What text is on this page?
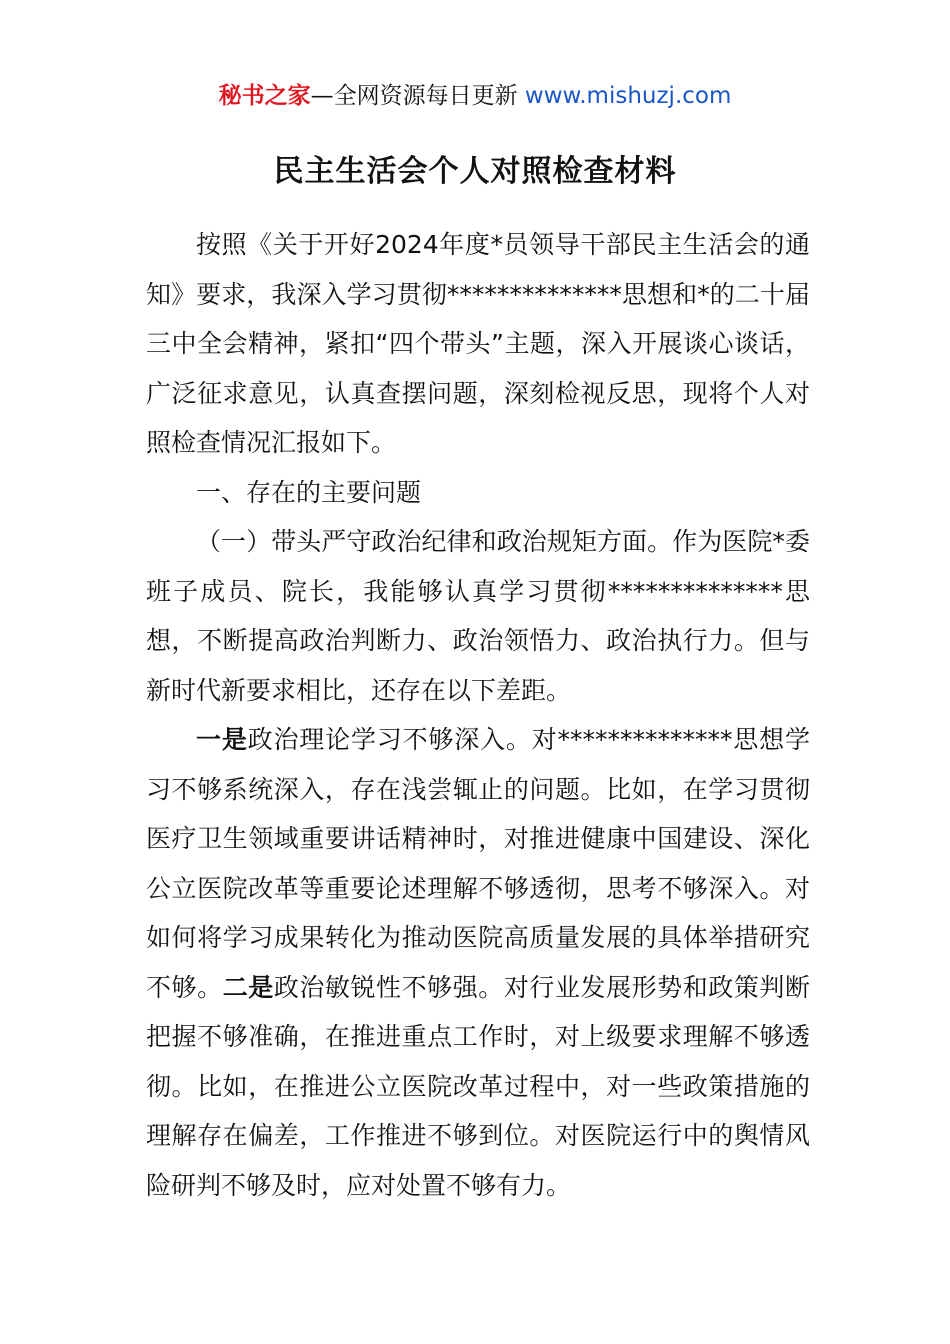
秘书之家—全网资源每日更新 www.mishuzj.com
民主生活会个人对照检查材料

按照《关于开好2024年度*员领导干部民主生活会的通知》要求，我深入学习贯彻**************思想和*的二十届三中全会精神，紧扣“四个带头”主题，深入开展谈心谈话，广泛征求意见，认真查摆问题，深刻检视反思，现将个人对照检查情况汇报如下。

一、存在的主要问题

（一）带头严守政治纪律和政治规矩方面。作为医院*委班子成员、院长，我能够认真学习贯彻**************思想，不断提高政治判断力、政治领悟力、政治执行力。但与新时代新要求相比，还存在以下差距。

一是政治理论学习不够深入。对**************思想学习不够系统深入，存在浅尝辄止的问题。比如，在学习贯彻医疗卫生领域重要讲话精神时，对推进健康中国建设、深化公立医院改革等重要论述理解不够透彻，思考不够深入。对如何将学习成果转化为推动医院高质量发展的具体举措研究不够。二是政治敏锐性不够强。对行业发展形势和政策判断把握不够准确，在推进重点工作时，对上级要求理解不够透彻。比如，在推进公立医院改革过程中，对一些政策措施的理解存在偏差，工作推进不够到位。对医院运行中的舆情风险研判不够及时，应对处置不够有力。
